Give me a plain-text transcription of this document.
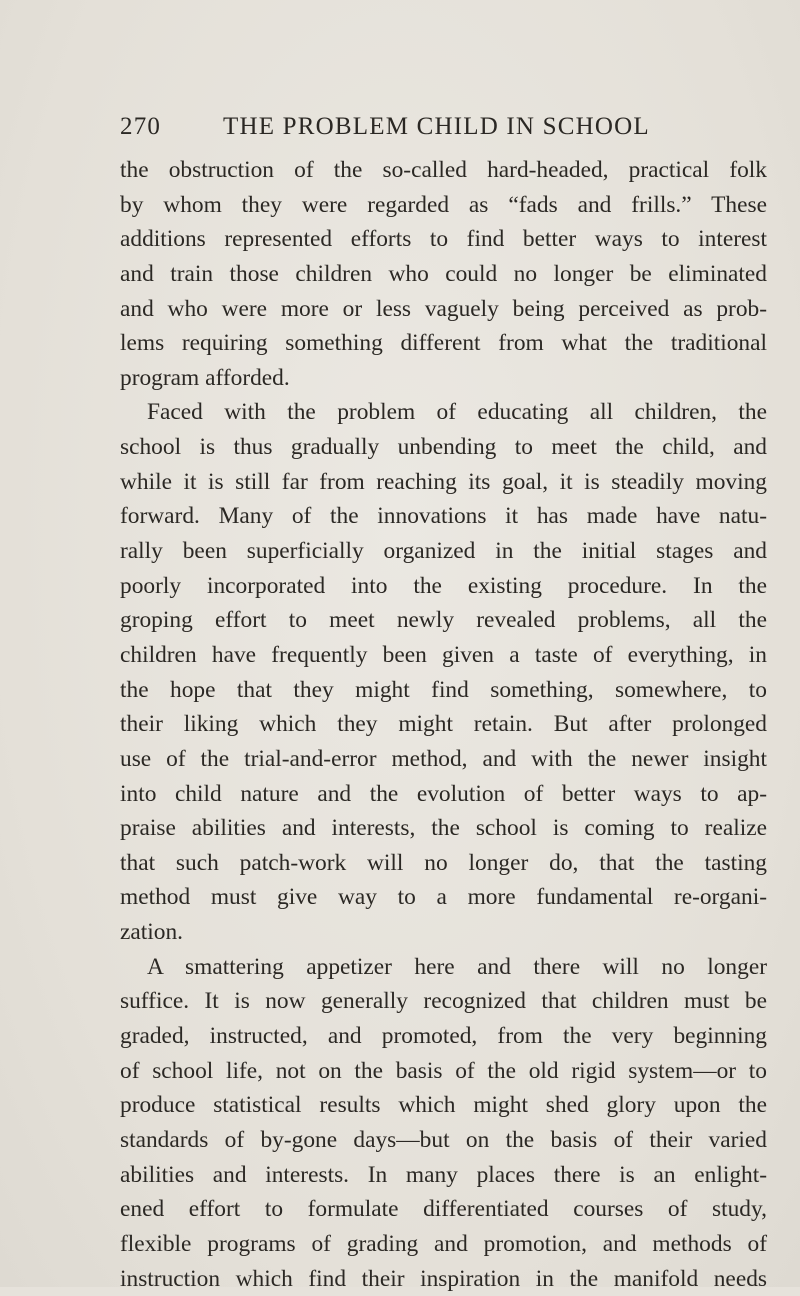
270 THE PROBLEM CHILD IN SCHOOL
the obstruction of the so-called hard-headed, practical folk
by whom they were regarded as “fads and frills.” These
additions represented efforts to find better ways to interest
and train those children who could no longer be eliminated
and who were more or less vaguely being perceived as prob-
lems requiring something different from what the traditional
program afforded.
Faced with the problem of educating all children, the
school is thus gradually unbending to meet the child, and
while it is still far from reaching its goal, it is steadily moving
forward. Many of the innovations it has made have natu-
rally been superficially organized in the initial stages and
poorly incorporated into the existing procedure. In the
groping effort to meet newly revealed problems, all the
children have frequently been given a taste of everything, in
the hope that they might find something, somewhere, to
their liking which they might retain. But after prolonged
use of the trial-and-error method, and with the newer insight
into child nature and the evolution of better ways to ap-
praise abilities and interests, the school is coming to realize
that such patch-work will no longer do, that the tasting
method must give way to a more fundamental re-organi-
zation.
A smattering appetizer here and there will no longer
suffice. It is now generally recognized that children must be
graded, instructed, and promoted, from the very beginning
of school life, not on the basis of the old rigid system—or to
produce statistical results which might shed glory upon the
standards of by-gone days—but on the basis of their varied
abilities and interests. In many places there is an enlight-
ened effort to formulate differentiated courses of study,
flexible programs of grading and promotion, and methods of
instruction which find their inspiration in the manifold needs
